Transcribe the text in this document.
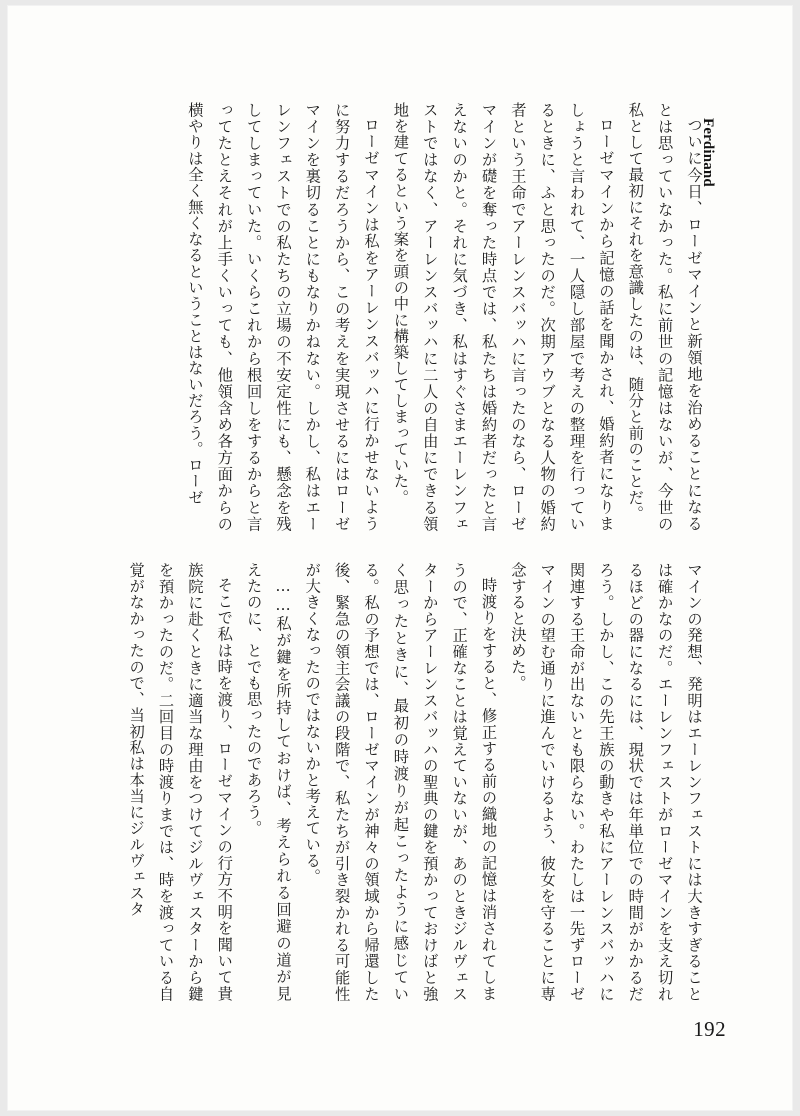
Ferdinand

ついに今日、ローゼマインと新領地を治めることになるとは思っていなかった。私に前世の記憶はないが、今世の私として最初にそれを意識したのは、随分と前のことだ。

ローゼマインから記憶の話を聞かされ、婚約者になりましょうと言われて、一人隠し部屋で考えの整理を行っているときに、ふと思ったのだ。次期アウブとなる人物の婚約者という王命でアーレンスバッハに言ったのなら、ローゼマインが礎を奪った時点では、私たちは婚約者だったと言えないのかと。それに気づき、私はすぐさまエーレンフェストではなく、アーレンスバッハに二人の自由にできる領地を建てるという案を頭の中に構築してしまっていた。

ローゼマインは私をアーレンスバッハに行かせないように努力するだろうから、この考えを実現させるにはローゼマインを裏切ることにもなりかねない。しかし、私はエーレンフェストでの私たちの立場の不安定性にも、懸念を残してしまっていた。いくらこれから根回しをするからと言ってたとえそれが上手くいっても、他領含め各方面からの横やりは全く無くなるということはないだろう。ローゼ

マインの発想、発明はエーレンフェストには大きすぎることは確かなのだ。エーレンフェストがローゼマインを支え切れるほどの器になるには、現状では年単位での時間がかかるだろう。しかし、この先王族の動きや私にアーレンスバッハに関連する王命が出ないとも限らない。わたしは一先ずローゼマインの望む通りに進んでいけるよう、彼女を守ることに専念すると決めた。

時渡りをすると、修正する前の織地の記憶は消されてしまうので、正確なことは覚えていないが、あのときジルヴェスターからアーレンスバッハの聖典の鍵を預かっておけばと強く思ったときに、最初の時渡りが起こったように感じている。私の予想では、ローゼマインが神々の領域から帰還した後、緊急の領主会議の段階で、私たちが引き裂かれる可能性が大きくなったのではないかと考えている。

……私が鍵を所持しておけば、考えられる回避の道が見えたのに、とでも思ったのであろう。

そこで私は時を渡り、ローゼマインの行方不明を聞いて貴族院に赴くときに適当な理由をつけてジルヴェスターから鍵を預かったのだ。二回目の時渡りまでは、時を渡っている自覚がなかったので、当初私は本当にジルヴェスタ

192
